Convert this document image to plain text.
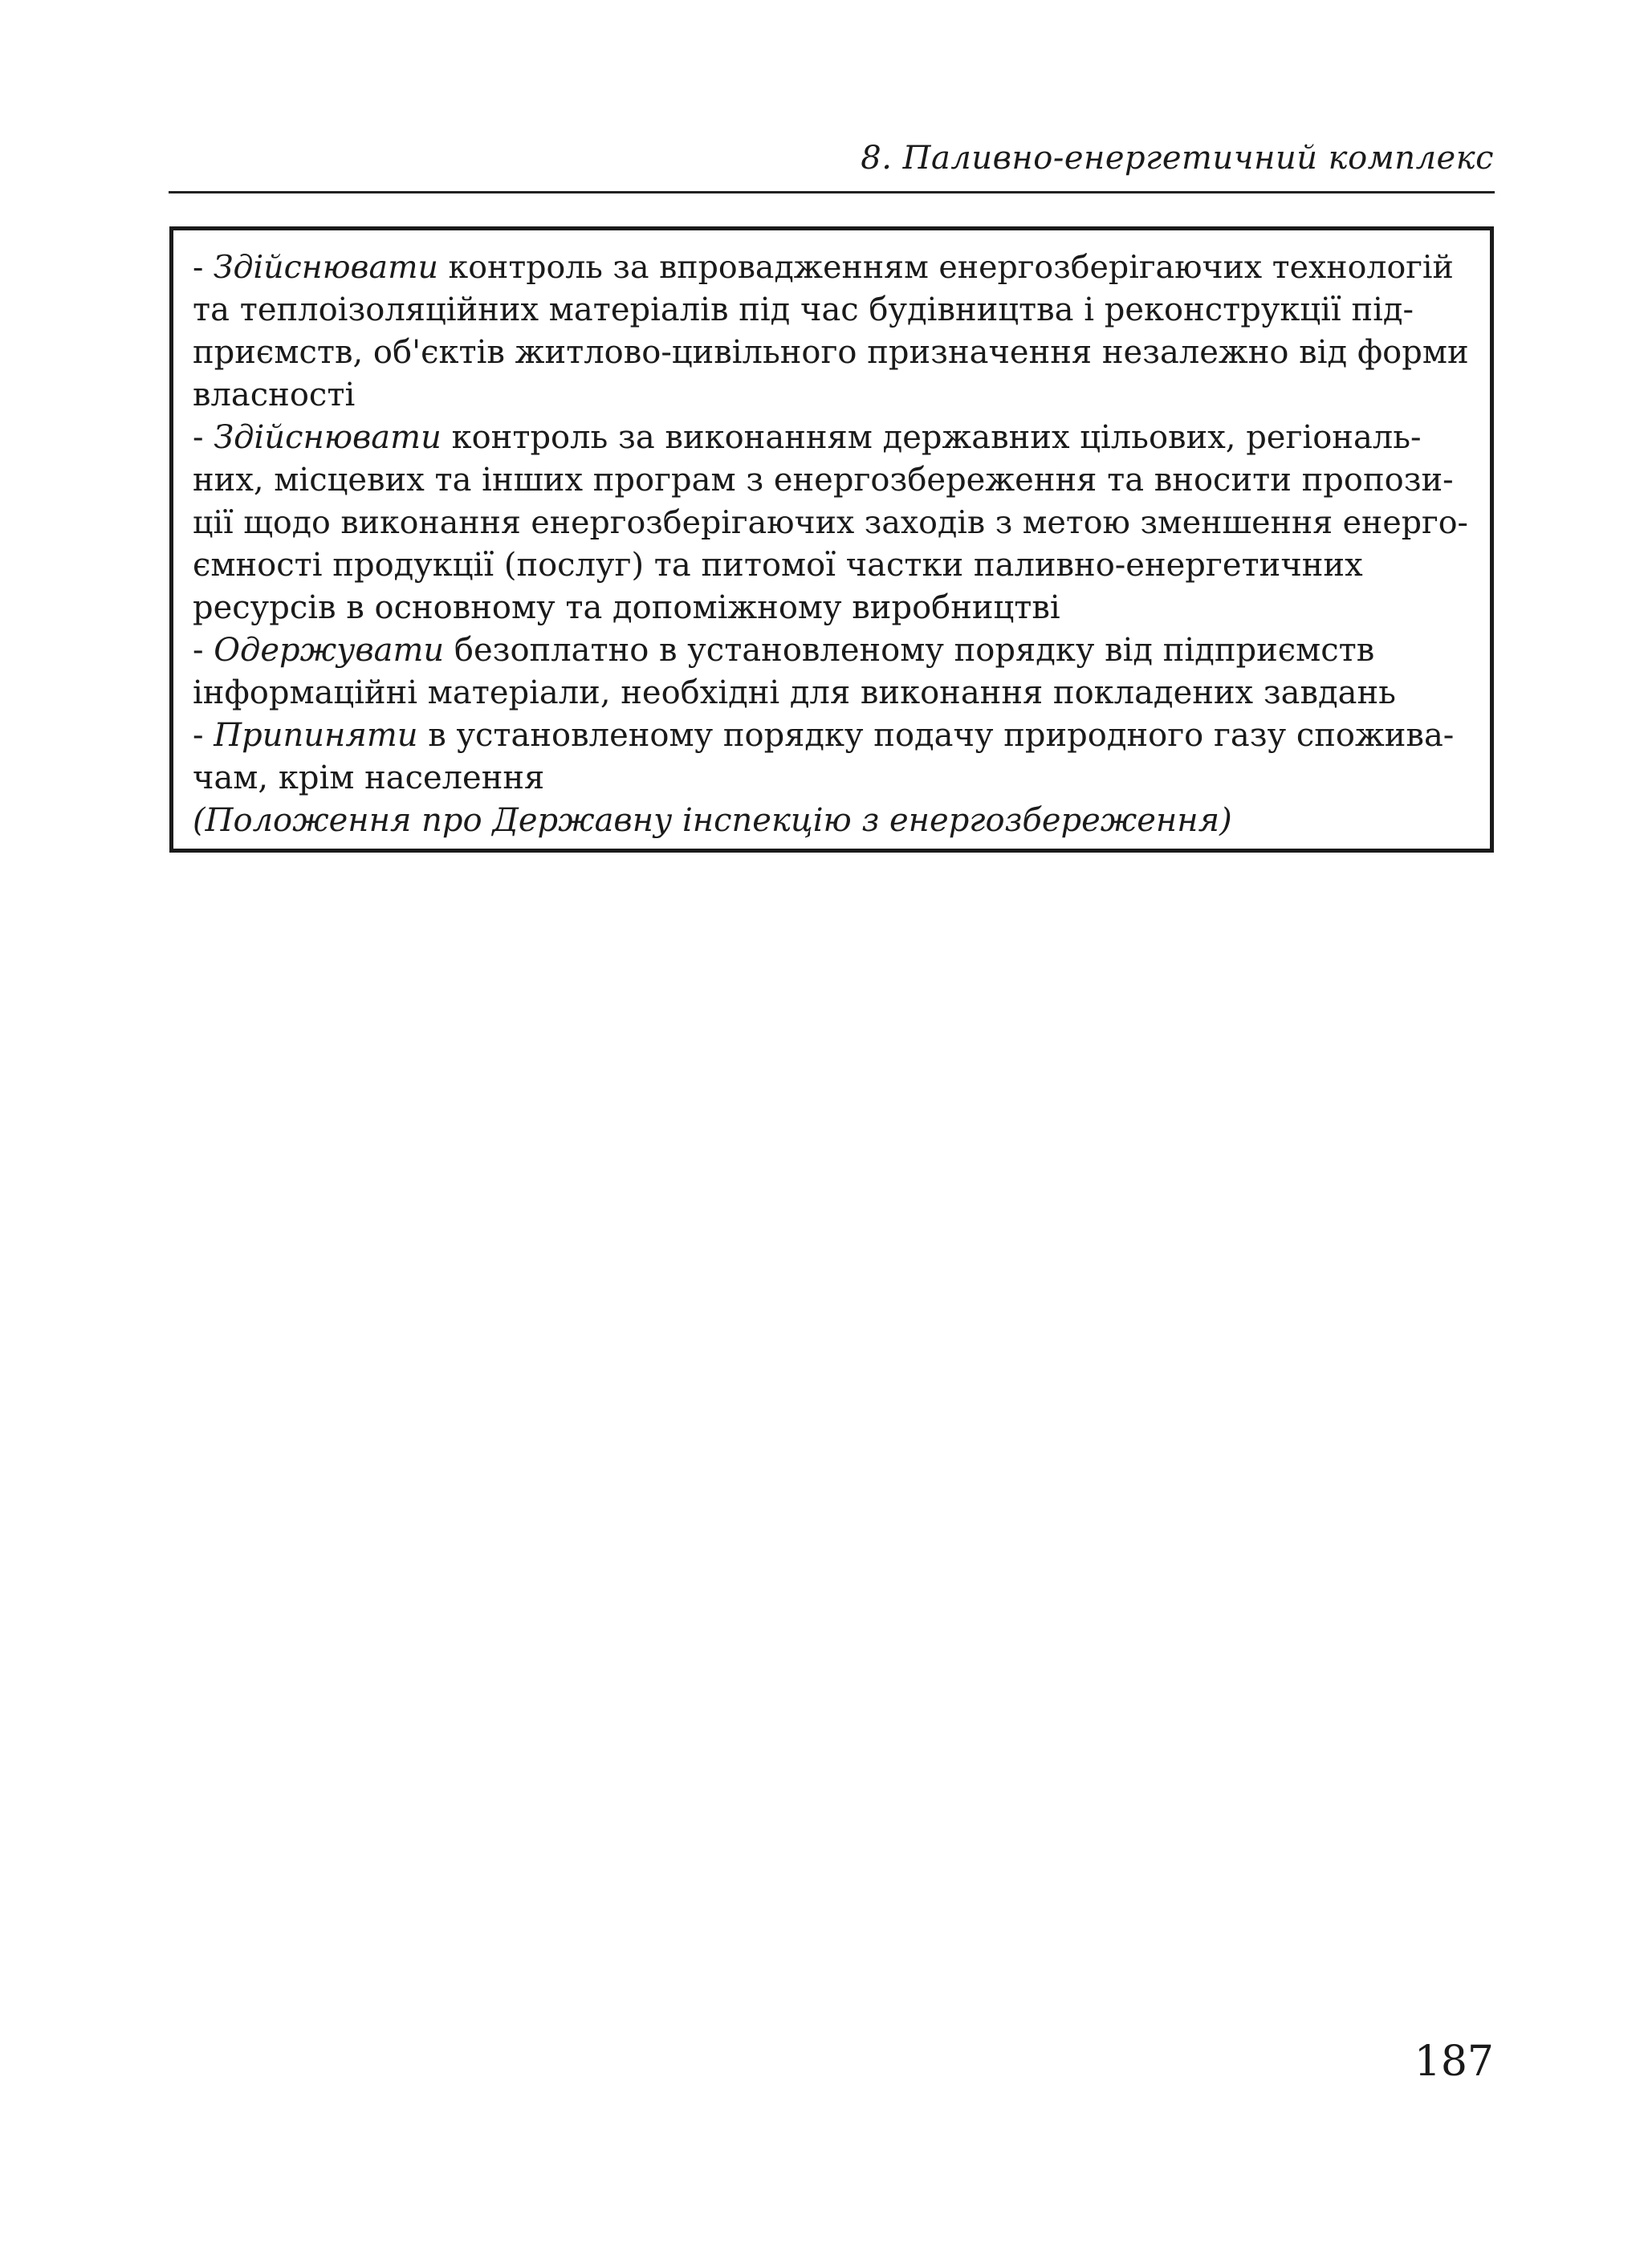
8. Паливно-енергетичний комплекс
- Здійснювати контроль за впровадженням енергозберігаючих технологій
та теплоізоляційних матеріалів під час будівництва і реконструкції під-
приємств, об'єктів житлово-цивільного призначення незалежно від форми
власності
- Здійснювати контроль за виконанням державних цільових, регіональ-
них, місцевих та інших програм з енергозбереження та вносити пропози-
ції щодо виконання енергозберігаючих заходів з метою зменшення енерго-
ємності продукції (послуг) та питомої частки паливно-енергетичних
ресурсів в основному та допоміжному виробництві
- Одержувати безоплатно в установленому порядку від підприємств
інформаційні матеріали, необхідні для виконання покладених завдань
- Припиняти в установленому порядку подачу природного газу спожива-
чам, крім населення
(Положення про Державну інспекцію з енергозбереження)
187
